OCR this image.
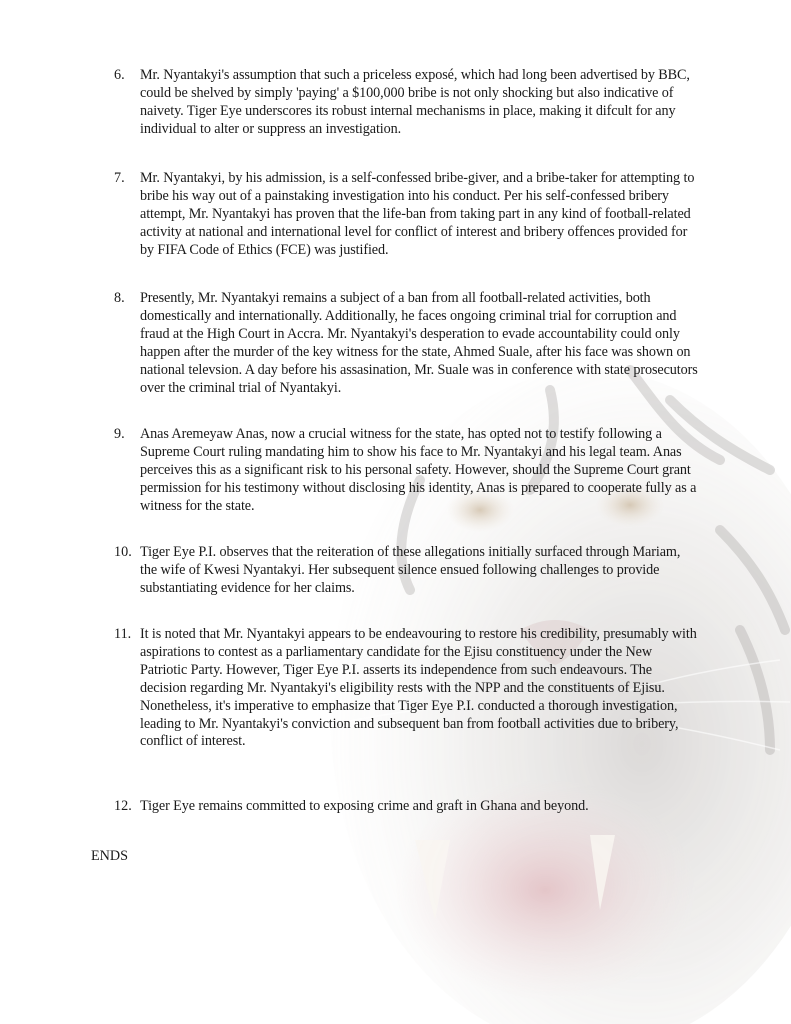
6.	Mr. Nyantakyi's assumption that such a priceless exposé, which had long been advertised by BBC, could be shelved by simply 'paying' a $100,000 bribe is not only shocking but also indicative of naivety. Tiger Eye underscores its robust internal mechanisms in place, making it difcult for any individual to alter or suppress an investigation.
7.	Mr. Nyantakyi, by his admission, is a self-confessed bribe-giver, and a bribe-taker for attempting to bribe his way out of a painstaking investigation into his conduct. Per his self-confessed bribery attempt, Mr. Nyantakyi has proven that the life-ban from taking part in any kind of football-related activity at national and international level for conflict of interest and bribery offences provided for by FIFA Code of Ethics (FCE) was justified.
8.	Presently, Mr. Nyantakyi remains a subject of a ban from all football-related activities, both domestically and internationally. Additionally, he faces ongoing criminal trial for corruption and fraud at the High Court in Accra. Mr. Nyantakyi's desperation to evade accountability could only happen after the murder of the key witness for the state, Ahmed Suale, after his face was shown on national televsion. A day before his assasination, Mr. Suale was in conference with state prosecutors over the criminal trial of Nyantakyi.
9.	Anas Aremeyaw Anas, now a crucial witness for the state, has opted not to testify following a Supreme Court ruling mandating him to show his face to Mr. Nyantakyi and his legal team. Anas perceives this as a significant risk to his personal safety. However, should the Supreme Court grant permission for his testimony without disclosing his identity, Anas is prepared to cooperate fully as a witness for the state.
10. Tiger Eye P.I. observes that the reiteration of these allegations initially surfaced through Mariam, the wife of Kwesi Nyantakyi. Her subsequent silence ensued following challenges to provide substantiating evidence for her claims.
11. It is noted that Mr. Nyantakyi appears to be endeavouring to restore his credibility, presumably with aspirations to contest as a parliamentary candidate for the Ejisu constituency under the New Patriotic Party. However, Tiger Eye P.I. asserts its independence from such endeavours. The decision regarding Mr. Nyantakyi's eligibility rests with the NPP and the constituents of Ejisu. Nonetheless, it's imperative to emphasize that Tiger Eye P.I. conducted a thorough investigation, leading to Mr. Nyantakyi's conviction and subsequent ban from football activities due to bribery, conflict of interest.
12. Tiger Eye remains committed to exposing crime and graft in Ghana and beyond.
ENDS
